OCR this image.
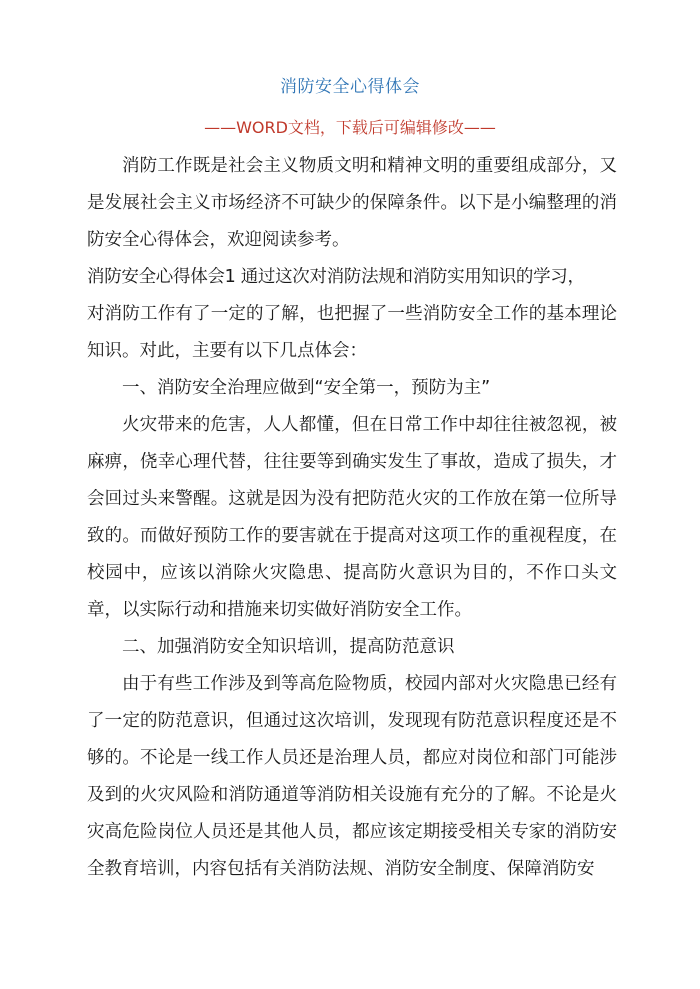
消防安全心得体会
——WORD文档，下载后可编辑修改——

消防工作既是社会主义物质文明和精神文明的重要组成部分，又是发展社会主义市场经济不可缺少的保障条件。以下是小编整理的消防安全心得体会，欢迎阅读参考。

消防安全心得体会1 通过这次对消防法规和消防实用知识的学习，

对消防工作有了一定的了解，也把握了一些消防安全工作的基本理论知识。对此，主要有以下几点体会：

一、消防安全治理应做到“安全第一，预防为主”

火灾带来的危害，人人都懂，但在日常工作中却往往被忽视，被麻痹，侥幸心理代替，往往要等到确实发生了事故，造成了损失，才会回过头来警醒。这就是因为没有把防范火灾的工作放在第一位所导致的。而做好预防工作的要害就在于提高对这项工作的重视程度，在校园中，应该以消除火灾隐患、提高防火意识为目的，不作口头文章，以实际行动和措施来切实做好消防安全工作。

二、加强消防安全知识培训，提高防范意识

由于有些工作涉及到等高危险物质，校园内部对火灾隐患已经有了一定的防范意识，但通过这次培训，发现现有防范意识程度还是不够的。不论是一线工作人员还是治理人员，都应对岗位和部门可能涉及到的火灾风险和消防通道等消防相关设施有充分的了解。不论是火灾高危险岗位人员还是其他人员，都应该定期接受相关专家的消防安全教育培训，内容包括有关消防法规、消防安全制度、保障消防安
